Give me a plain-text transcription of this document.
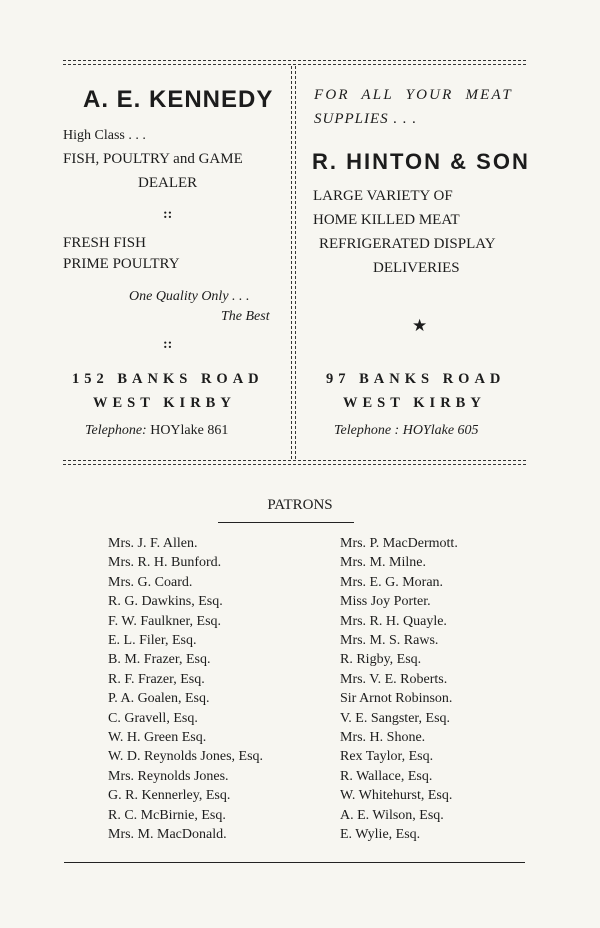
A. E. KENNEDY
High Class . . .
FISH, POULTRY and GAME
DEALER
::
FRESH FISH
PRIME POULTRY
One Quality Only . . .
The Best
::
152 BANKS ROAD
WEST KIRBY
Telephone: HOYlake 861
FOR ALL YOUR MEAT
SUPPLIES . . .
R. HINTON & SON
LARGE VARIETY OF
HOME KILLED MEAT
REFRIGERATED DISPLAY
DELIVERIES
★
97 BANKS ROAD
WEST KIRBY
Telephone : HOYlake 605
PATRONS
Mrs. J. F. Allen.
Mrs. R. H. Bunford.
Mrs. G. Coard.
R. G. Dawkins, Esq.
F. W. Faulkner, Esq.
E. L. Filer, Esq.
B. M. Frazer, Esq.
R. F. Frazer, Esq.
P. A. Goalen, Esq.
C. Gravell, Esq.
W. H. Green Esq.
W. D. Reynolds Jones, Esq.
Mrs. Reynolds Jones.
G. R. Kennerley, Esq.
R. C. McBirnie, Esq.
Mrs. M. MacDonald.
Mrs. P. MacDermott.
Mrs. M. Milne.
Mrs. E. G. Moran.
Miss Joy Porter.
Mrs. R. H. Quayle.
Mrs. M. S. Raws.
R. Rigby, Esq.
Mrs. V. E. Roberts.
Sir Arnot Robinson.
V. E. Sangster, Esq.
Mrs. H. Shone.
Rex Taylor, Esq.
R. Wallace, Esq.
W. Whitehurst, Esq.
A. E. Wilson, Esq.
E. Wylie, Esq.
